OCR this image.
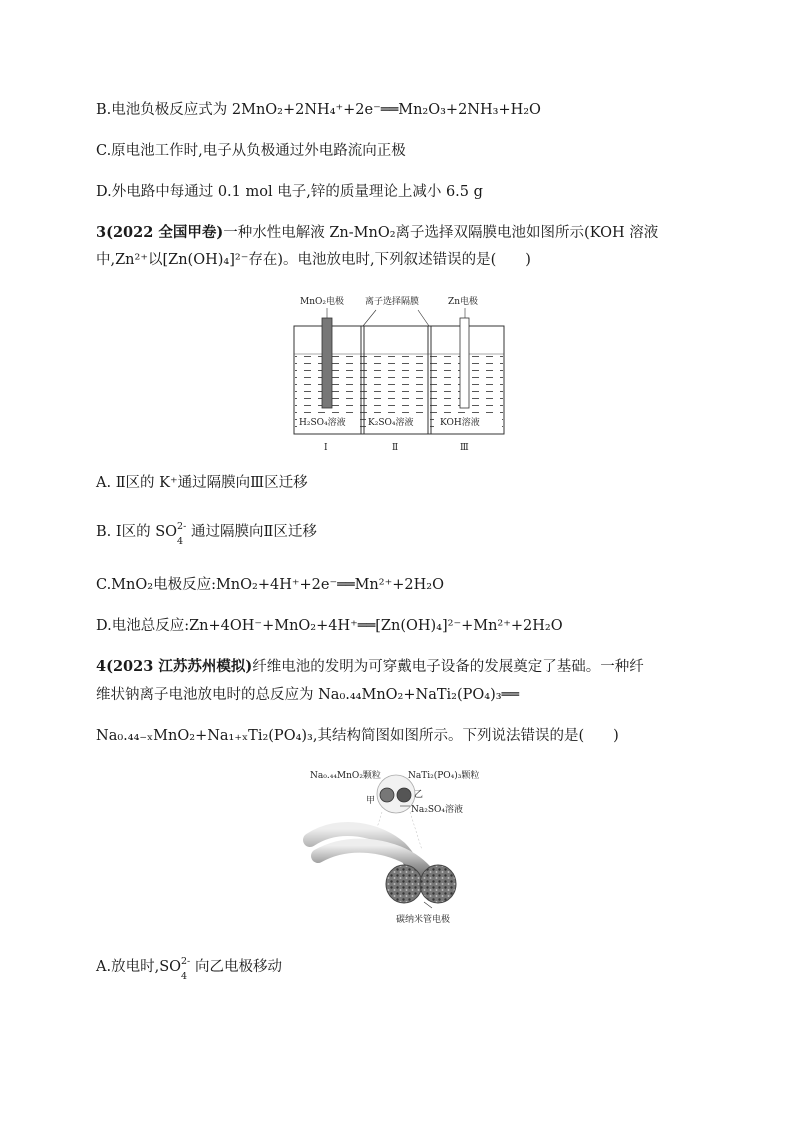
B.电池负极反应式为 2MnO₂+2NH₄⁺+2e⁻══Mn₂O₃+2NH₃+H₂O
C.原电池工作时,电子从负极通过外电路流向正极
D.外电路中每通过 0.1 mol 电子,锌的质量理论上减小 6.5 g
3(2022 全国甲卷)一种水性电解液 Zn-MnO₂离子选择双隔膜电池如图所示(KOH 溶液
中,Zn²⁺以[Zn(OH)₄]²⁻存在)。电池放电时,下列叙述错误的是(　　)
MnO₂电极 离子选择隔膜	Zn电极
H₂SO₄溶液 K₂SO₄溶液	KOH溶液
Ⅰ	Ⅱ	Ⅲ
A. Ⅱ区的 K⁺通过隔膜向Ⅲ区迁移
B. Ⅰ区的 SO 2-
4
通过隔膜向Ⅱ区迁移
C.MnO₂电极反应:MnO₂+4H⁺+2e⁻══Mn²⁺+2H₂O
D.电池总反应:Zn+4OH⁻+MnO₂+4H⁺══[Zn(OH)₄]²⁻+Mn²⁺+2H₂O
4(2023 江苏苏州模拟)纤维电池的发明为可穿戴电子设备的发展奠定了基础。一种纤
维状钠离子电池放电时的总反应为 Na₀.₄₄MnO₂+NaTi₂(PO₄)₃══
Na₀.₄₄₋ₓMnO₂+Na₁₊ₓTi₂(PO₄)₃,其结构简图如图所示。下列说法错误的是(　　)
Na₀.₄₄MnO₂颗粒	NaTi₂(PO₄)₃颗粒
甲
乙
Na₂SO₄溶液
碳纳米管电极
A.放电时,SO 2-
4
向乙电极移动
